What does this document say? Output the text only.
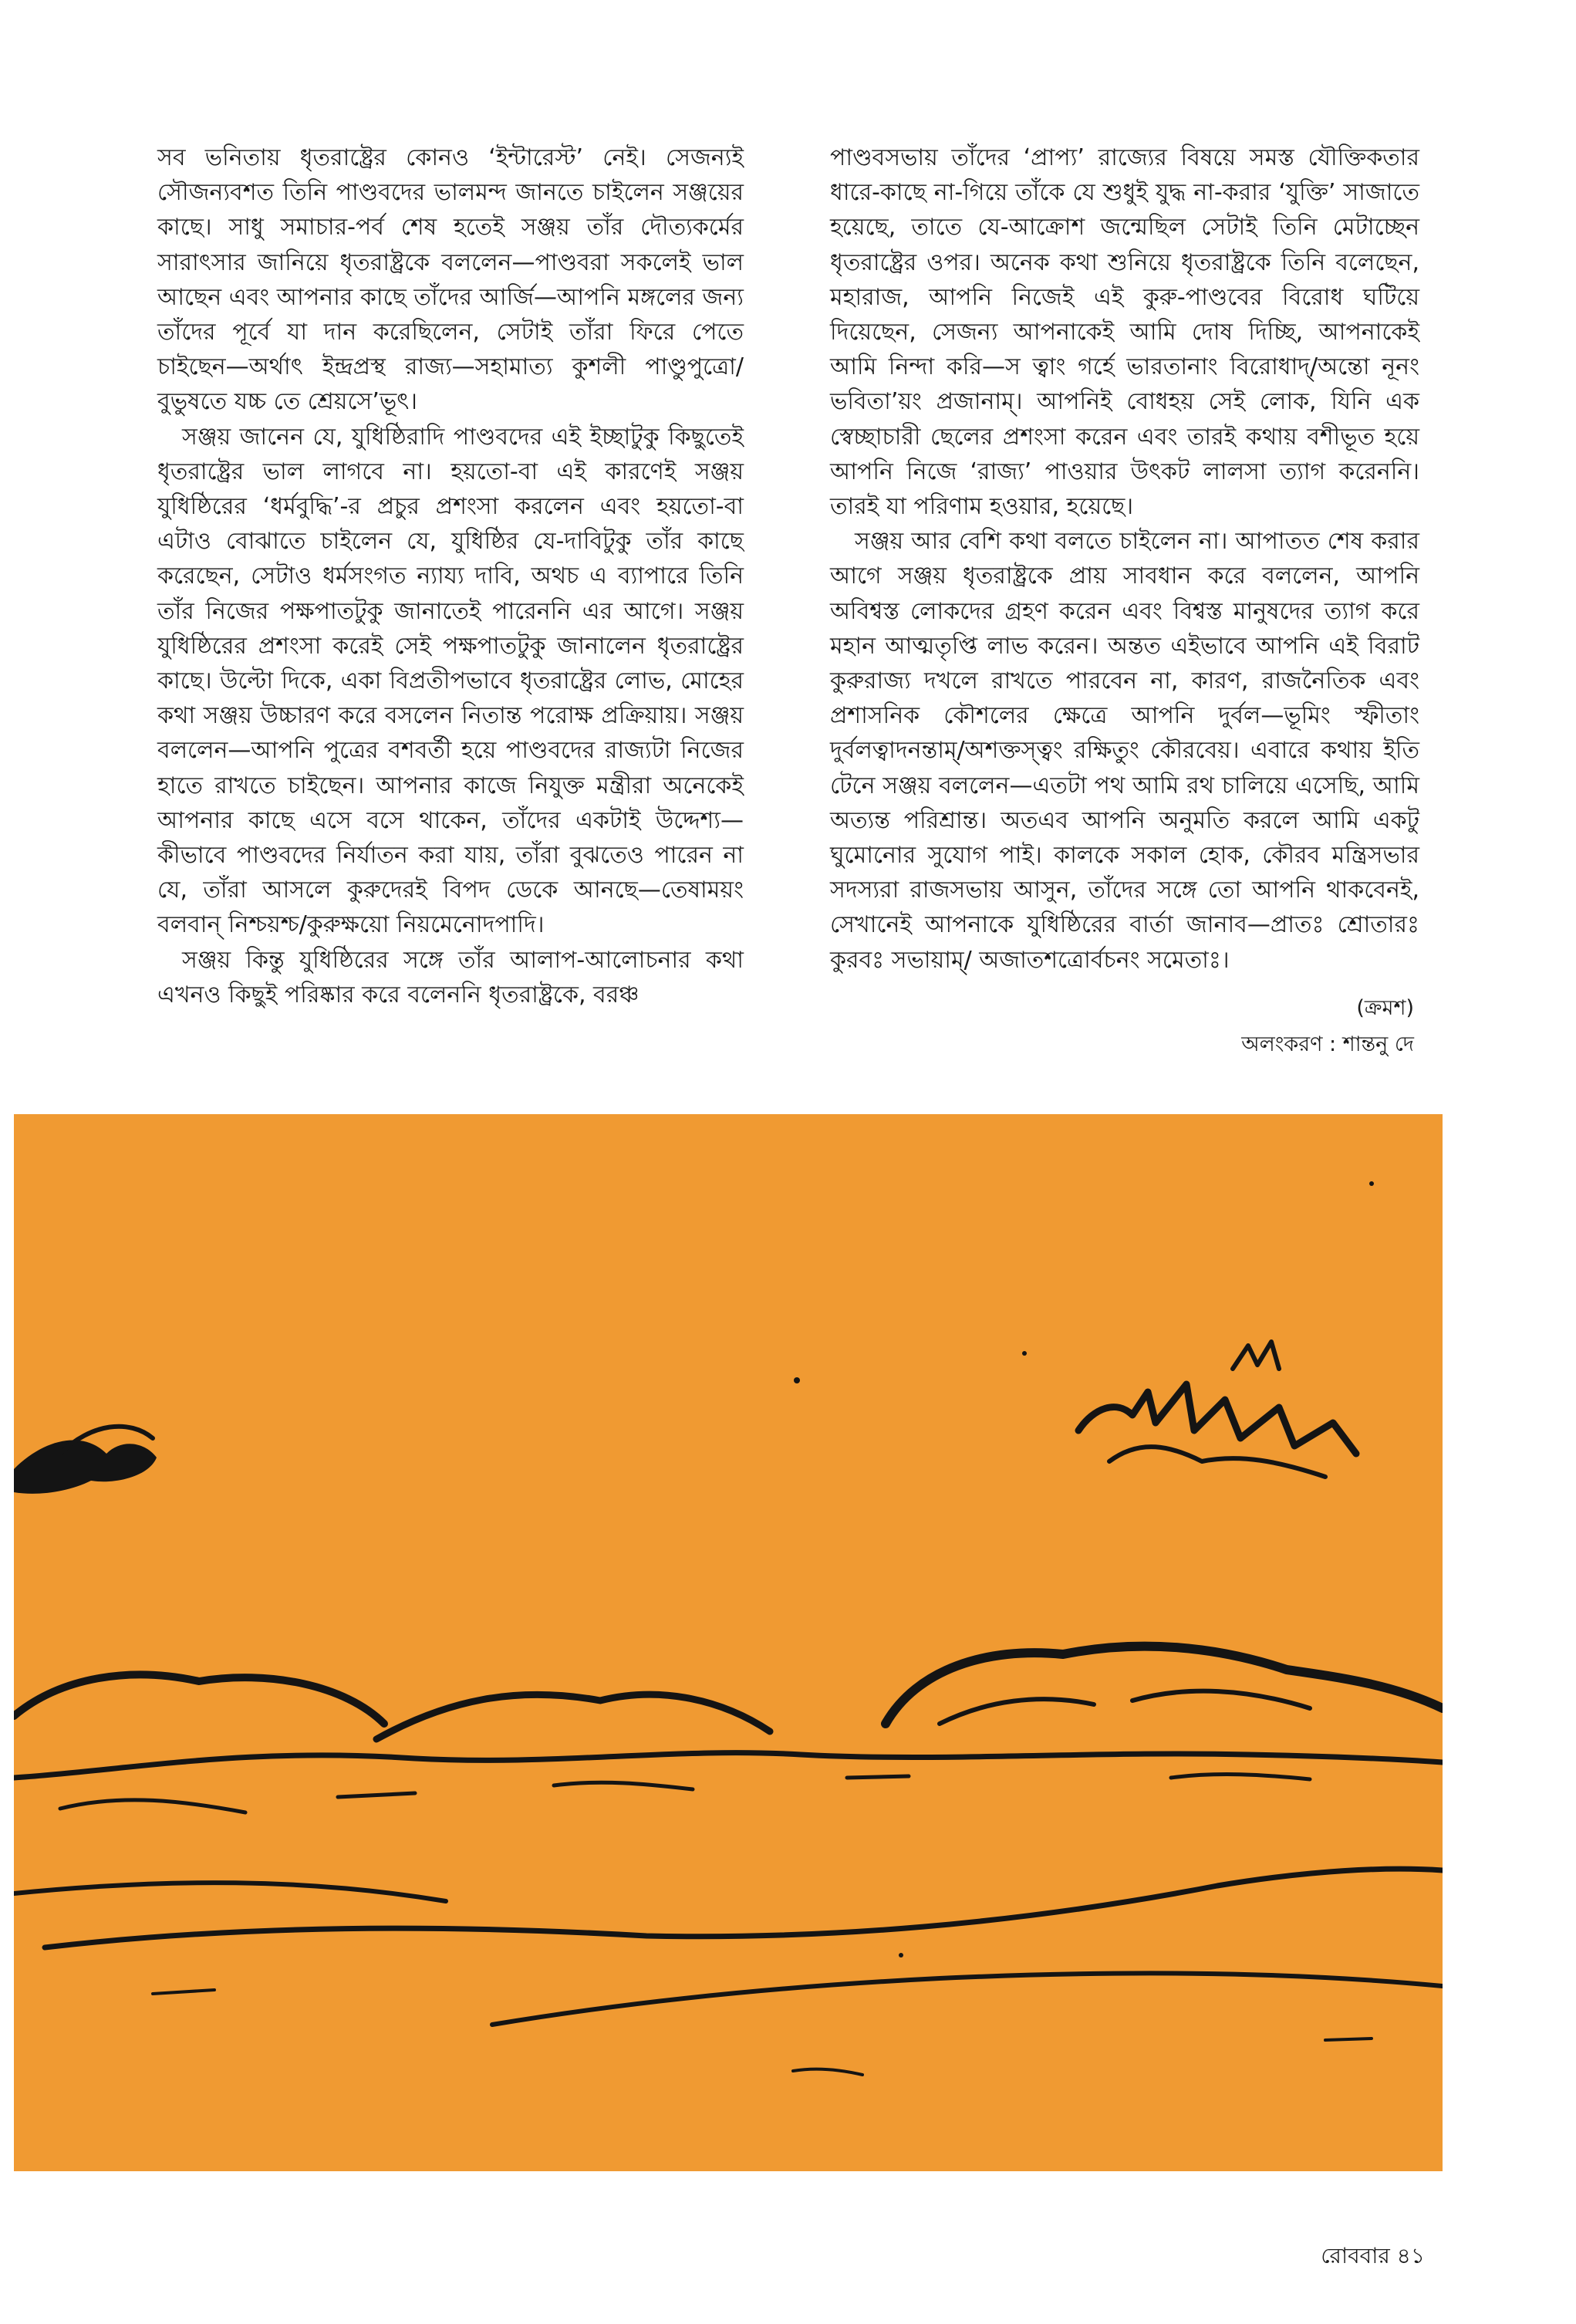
সব ভনিতায় ধৃতরাষ্ট্রের কোনও ‘ইন্টারেস্ট’ নেই। সেজন্যই সৌজন্যবশত তিনি পাণ্ডবদের ভালমন্দ জানতে চাইলেন সঞ্জয়ের কাছে। সাধু সমাচার-পর্ব শেষ হতেই সঞ্জয় তাঁর দৌত্যকর্মের সারাৎসার জানিয়ে ধৃতরাষ্ট্রকে বললেন—পাণ্ডবরা সকলেই ভাল আছেন এবং আপনার কাছে তাঁদের আর্জি—আপনি মঙ্গলের জন্য তাঁদের পূর্বে যা দান করেছিলেন, সেটাই তাঁরা ফিরে পেতে চাইছেন—অর্থাৎ ইন্দ্রপ্রস্থ রাজ্য—সহামাত্য কুশলী পাণ্ডুপুত্রো/বুভুষতে যচ্চ তে শ্রেয়সে’ভূৎ।

সঞ্জয় জানেন যে, যুধিষ্ঠিরাদি পাণ্ডবদের এই ইচ্ছাটুকু কিছুতেই ধৃতরাষ্ট্রের ভাল লাগবে না। হয়তো-বা এই কারণেই সঞ্জয় যুধিষ্ঠিরের ‘ধর্মবুদ্ধি’-র প্রচুর প্রশংসা করলেন এবং হয়তো-বা এটাও বোঝাতে চাইলেন যে, যুধিষ্ঠির যে-দাবিটুকু তাঁর কাছে করেছেন, সেটাও ধর্মসংগত ন্যায্য দাবি, অথচ এ ব্যাপারে তিনি তাঁর নিজের পক্ষপাতটুকু জানাতেই পারেননি এর আগে। সঞ্জয় যুধিষ্ঠিরের প্রশংসা করেই সেই পক্ষপাতটুকু জানালেন ধৃতরাষ্ট্রের কাছে। উল্টো দিকে, একা বিপ্রতীপভাবে ধৃতরাষ্ট্রের লোভ, মোহের কথা সঞ্জয় উচ্চারণ করে বসলেন নিতান্ত পরোক্ষ প্রক্রিয়ায়। সঞ্জয় বললেন—আপনি পুত্রের বশবর্তী হয়ে পাণ্ডবদের রাজ্যটা নিজের হাতে রাখতে চাইছেন। আপনার কাজে নিযুক্ত মন্ত্রীরা অনেকেই আপনার কাছে এসে বসে থাকেন, তাঁদের একটাই উদ্দেশ্য—কীভাবে পাণ্ডবদের নির্যাতন করা যায়, তাঁরা বুঝতেও পারেন না যে, তাঁরা আসলে কুরুদেরই বিপদ ডেকে আনছে—তেষাময়ং বলবান্ নিশ্চয়শ্চ/কুরুক্ষয়ো নিয়মেনোদপাদি।

সঞ্জয় কিন্তু যুধিষ্ঠিরের সঙ্গে তাঁর আলাপ-আলোচনার কথা এখনও কিছুই পরিষ্কার করে বলেননি ধৃতরাষ্ট্রকে, বরঞ্চ

পাণ্ডবসভায় তাঁদের ‘প্রাপ্য’ রাজ্যের বিষয়ে সমস্ত যৌক্তিকতার ধারে-কাছে না-গিয়ে তাঁকে যে শুধুই যুদ্ধ না-করার ‘যুক্তি’ সাজাতে হয়েছে, তাতে যে-আক্রোশ জন্মেছিল সেটাই তিনি মেটাচ্ছেন ধৃতরাষ্ট্রের ওপর। অনেক কথা শুনিয়ে ধৃতরাষ্ট্রকে তিনি বলেছেন, মহারাজ, আপনি নিজেই এই কুরু-পাণ্ডবের বিরোধ ঘটিয়ে দিয়েছেন, সেজন্য আপনাকেই আমি দোষ দিচ্ছি, আপনাকেই আমি নিন্দা করি—স ত্বাং গর্হে ভারতানাং বিরোধাদ্/অন্তো নূনং ভবিতা’য়ং প্রজানাম্। আপনিই বোধহয় সেই লোক, যিনি এক স্বেচ্ছাচারী ছেলের প্রশংসা করেন এবং তারই কথায় বশীভূত হয়ে আপনি নিজে ‘রাজ্য’ পাওয়ার উৎকট লালসা ত্যাগ করেননি। তারই যা পরিণাম হওয়ার, হয়েছে।

সঞ্জয় আর বেশি কথা বলতে চাইলেন না। আপাতত শেষ করার আগে সঞ্জয় ধৃতরাষ্ট্রকে প্রায় সাবধান করে বললেন, আপনি অবিশ্বস্ত লোকদের গ্রহণ করেন এবং বিশ্বস্ত মানুষদের ত্যাগ করে মহান আত্মতৃপ্তি লাভ করেন। অন্তত এইভাবে আপনি এই বিরাট কুরুরাজ্য দখলে রাখতে পারবেন না, কারণ, রাজনৈতিক এবং প্রশাসনিক কৌশলের ক্ষেত্রে আপনি দুর্বল—ভূমিং স্ফীতাং দুর্বলত্বাদনন্তাম্/অশক্তস্ত্বং রক্ষিতুং কৌরবেয়। এবারে কথায় ইতি টেনে সঞ্জয় বললেন—এতটা পথ আমি রথ চালিয়ে এসেছি, আমি অত্যন্ত পরিশ্রান্ত। অতএব আপনি অনুমতি করলে আমি একটু ঘুমোনোর সুযোগ পাই। কালকে সকাল হোক, কৌরব মন্ত্রিসভার সদস্যরা রাজসভায় আসুন, তাঁদের সঙ্গে তো আপনি থাকবেনই, সেখানেই আপনাকে যুধিষ্ঠিরের বার্তা জানাব—প্রাতঃ শ্রোতারঃ কুরবঃ সভায়াম্/ অজাতশত্রোর্বচনং সমেতাঃ।

(ক্রমশ)
অলংকরণ : শান্তনু দে
রোববার ৪১
